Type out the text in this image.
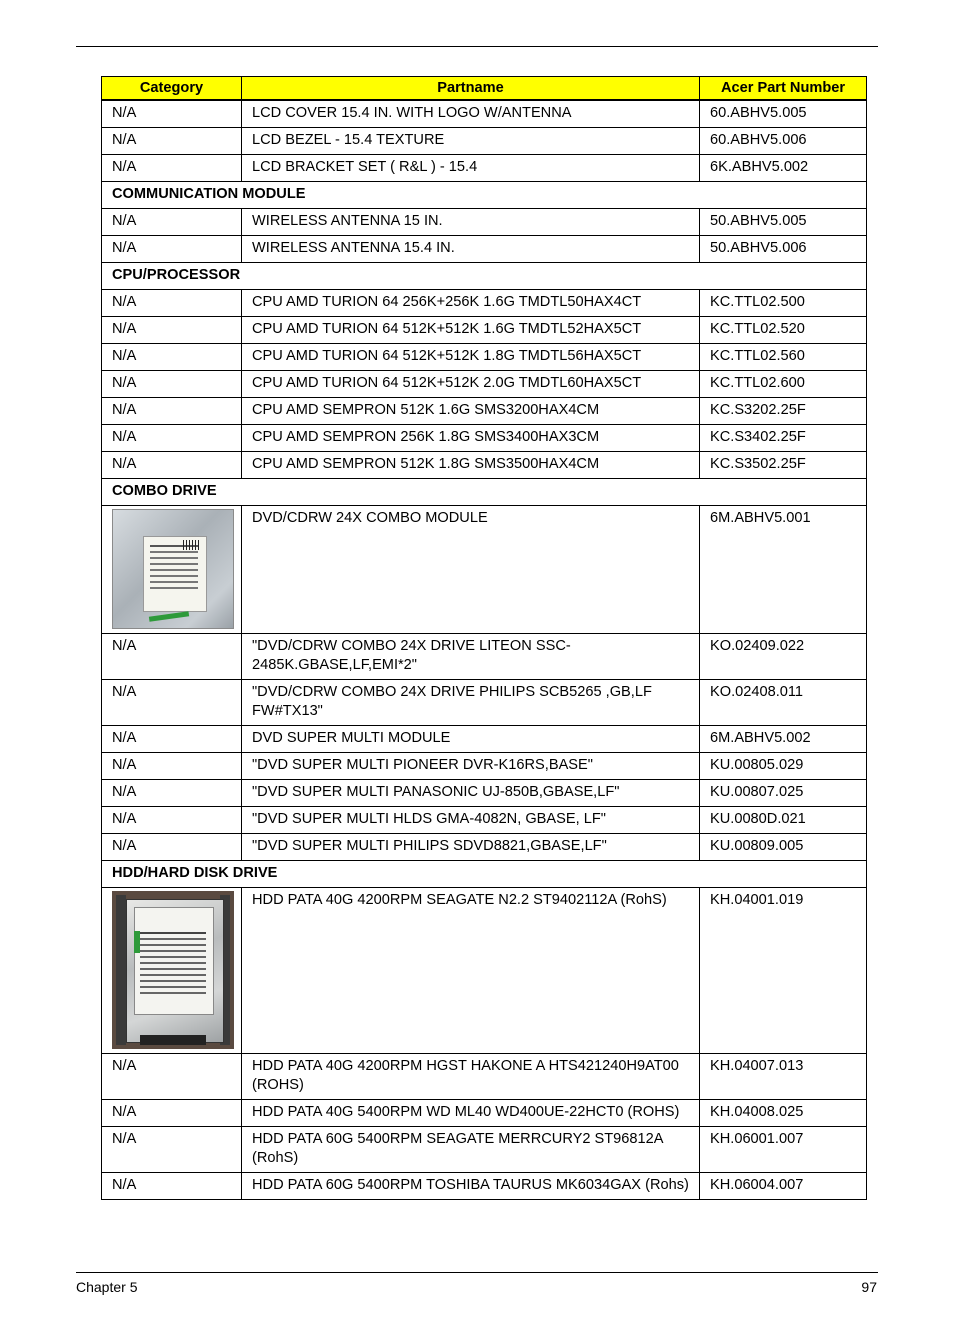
Category	Partname	Acer Part Number
N/A	LCD COVER 15.4 IN. WITH LOGO W/ANTENNA	60.ABHV5.005
N/A	LCD BEZEL - 15.4 TEXTURE	60.ABHV5.006
N/A	LCD BRACKET SET ( R&L ) - 15.4	6K.ABHV5.002
COMMUNICATION MODULE		
N/A	WIRELESS ANTENNA 15 IN.	50.ABHV5.005
N/A	WIRELESS ANTENNA 15.4 IN.	50.ABHV5.006
CPU/PROCESSOR		
N/A	CPU AMD TURION 64 256K+256K 1.6G TMDTL50HAX4CT	KC.TTL02.500
N/A	CPU AMD TURION 64 512K+512K 1.6G TMDTL52HAX5CT	KC.TTL02.520
N/A	CPU AMD TURION 64 512K+512K 1.8G TMDTL56HAX5CT	KC.TTL02.560
N/A	CPU AMD TURION 64 512K+512K 2.0G TMDTL60HAX5CT	KC.TTL02.600
N/A	CPU AMD SEMPRON 512K 1.6G SMS3200HAX4CM	KC.S3202.25F
N/A	CPU AMD SEMPRON 256K 1.8G SMS3400HAX3CM	KC.S3402.25F
N/A	CPU AMD SEMPRON 512K 1.8G SMS3500HAX4CM	KC.S3502.25F
COMBO DRIVE		

	DVD/CDRW 24X COMBO MODULE	6M.ABHV5.001
N/A	"DVD/CDRW COMBO 24X DRIVE LITEON SSC-2485K.GBASE,LF,EMI*2"	KO.02409.022
N/A	"DVD/CDRW COMBO 24X DRIVE PHILIPS SCB5265 ,GB,LF FW#TX13"	KO.02408.011
N/A	DVD SUPER MULTI MODULE	6M.ABHV5.002
N/A	"DVD SUPER MULTI PIONEER DVR-K16RS,BASE"	KU.00805.029
N/A	"DVD SUPER MULTI PANASONIC UJ-850B,GBASE,LF"	KU.00807.025
N/A	"DVD SUPER MULTI HLDS GMA-4082N, GBASE, LF"	KU.0080D.021
N/A	"DVD SUPER MULTI PHILIPS SDVD8821,GBASE,LF"	KU.00809.005
HDD/HARD DISK DRIVE		

	HDD PATA 40G 4200RPM SEAGATE N2.2 ST9402112A (RohS)	KH.04001.019
N/A	HDD PATA 40G 4200RPM HGST HAKONE A HTS421240H9AT00 (ROHS)	KH.04007.013
N/A	HDD PATA 40G 5400RPM WD ML40 WD400UE-22HCT0 (ROHS)	KH.04008.025
N/A	HDD PATA 60G 5400RPM SEAGATE MERRCURY2 ST96812A (RohS)	KH.06001.007
N/A	HDD PATA 60G 5400RPM TOSHIBA TAURUS MK6034GAX (Rohs)	KH.06004.007
Chapter 5	97
